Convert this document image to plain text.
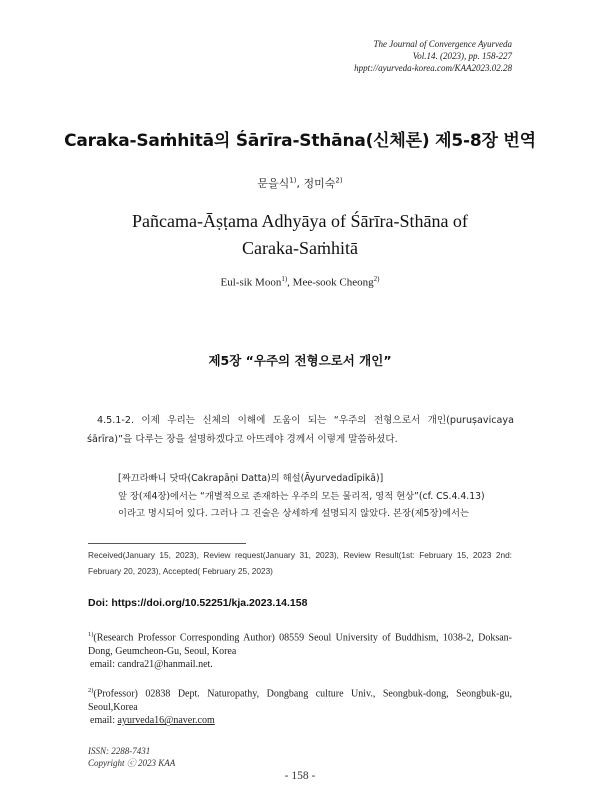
The Journal of Convergence Ayurveda
Vol.14. (2023), pp. 158-227
hppt://ayurveda-korea.com/KAA2023.02.28
Caraka-Saṁhitā의 Śārīra-Sthāna(신체론) 제5-8장 번역
문을식$^{1)}$, 정미숙$^{2)}$
Pañcama-Āṣṭama Adhyāya of Śārīra-Sthāna of
Caraka-Saṁhitā
Eul-sik Moon$^{1)}$, Mee-sook Cheong$^{2)}$
제5장 “우주의 전형으로서 개인”
4.5.1-2. 이제 우리는 신체의 이해에 도움이 되는 “우주의 전형으로서 개인(puruṣavicaya śārīra)”을 다루는 장을 설명하겠다고 아뜨레야 경께서 이렇게 말씀하셨다.
[짜끄라빠니 닷따(Cakrapāṇi Datta)의 해설(Āyurvedadīpikā)]
앞 장(제4장)에서는 “개별적으로 존재하는 우주의 모든 물리적, 영적 현상”(cf. CS.4.4.13)
이라고 명시되어 있다. 그러나 그 진술은 상세하게 설명되지 않았다. 본장(제5장)에서는
Received(January 15, 2023), Review request(January 31, 2023), Review Result(1st: February 15, 2023 2nd: February 20, 2023), Accepted( February 25, 2023)
Doi: https://doi.org/10.52251/kja.2023.14.158
$^{1)}$(Research Professor Corresponding Author) 08559 Seoul University of Buddhism, 1038-2, Doksan-Dong, Geumcheon-Gu, Seoul, Korea
email: candra21@hanmail.net.
$^{2)}$(Professor) 02838 Dept. Naturopathy, Dongbang culture Univ., Seongbuk-dong, Seongbuk-gu, Seoul,Korea
email: ayurveda16@naver.com
ISSN: 2288-7431
Copyright ⓒ 2023 KAA
- 158 -
